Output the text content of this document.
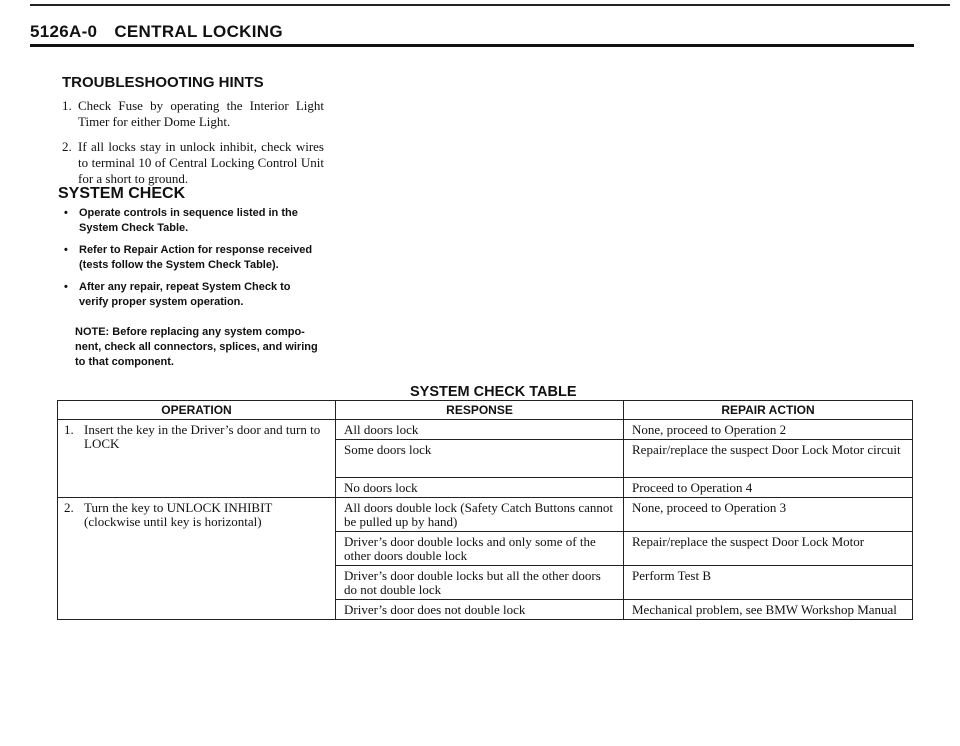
5126A-0 CENTRAL LOCKING
TROUBLESHOOTING HINTS
1. Check Fuse by operating the Interior Light Timer for either Dome Light.
2. If all locks stay in unlock inhibit, check wires to terminal 10 of Central Locking Control Unit for a short to ground.
SYSTEM CHECK
• Operate controls in sequence listed in the System Check Table.
• Refer to Repair Action for response received (tests follow the System Check Table).
• After any repair, repeat System Check to verify proper system operation.
NOTE: Before replacing any system compo- nent, check all connectors, splices, and wiring to that component.
SYSTEM CHECK TABLE
OPERATION	RESPONSE	REPAIR ACTION

1. Insert the key in the Driver’s door and turn to LOCK	All doors lock	None, proceed to Operation 2
	Some doors lock	Repair/replace the suspect Door Lock Motor circuit
	No doors lock	Proceed to Operation 4

2. Turn the key to UNLOCK INHIBIT (clockwise until key is horizontal)	All doors double lock (Safety Catch Buttons cannot be pulled up by hand)	None, proceed to Operation 3
	Driver’s door double locks and only some of the other doors double lock	Repair/replace the suspect Door Lock Motor
	Driver’s door double locks but all the other doors do not double lock	Perform Test B
	Driver’s door does not double lock	Mechanical problem, see BMW Workshop Manual
